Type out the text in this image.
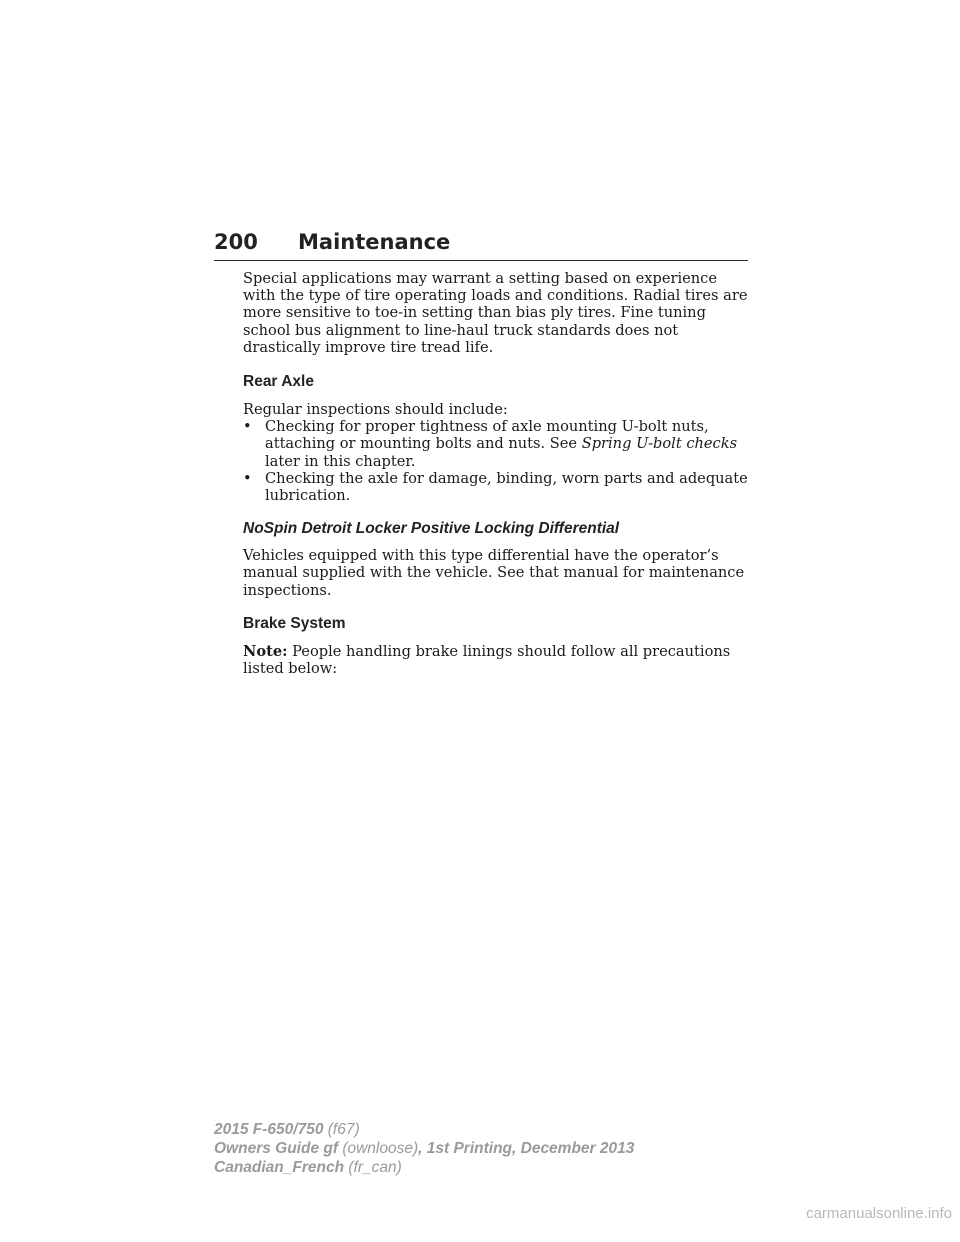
200 Maintenance

Special applications may warrant a setting based on experience with the type of tire operating loads and conditions. Radial tires are more sensitive to toe-in setting than bias ply tires. Fine tuning school bus alignment to line-haul truck standards does not drastically improve tire tread life.

Rear Axle

Regular inspections should include:

• Checking for proper tightness of axle mounting U-bolt nuts, attaching or mounting bolts and nuts. See Spring U-bolt checks later in this chapter.
• Checking the axle for damage, binding, worn parts and adequate lubrication.
NoSpin Detroit Locker Positive Locking Differential

Vehicles equipped with this type differential have the operator’s manual supplied with the vehicle. See that manual for maintenance inspections.

Brake System

Note: People handling brake linings should follow all precautions listed below:

2015 F-650/750 (f67)
Owners Guide gf (ownloose), 1st Printing, December 2013
Canadian_French (fr_can)
carmanualsonline.info
